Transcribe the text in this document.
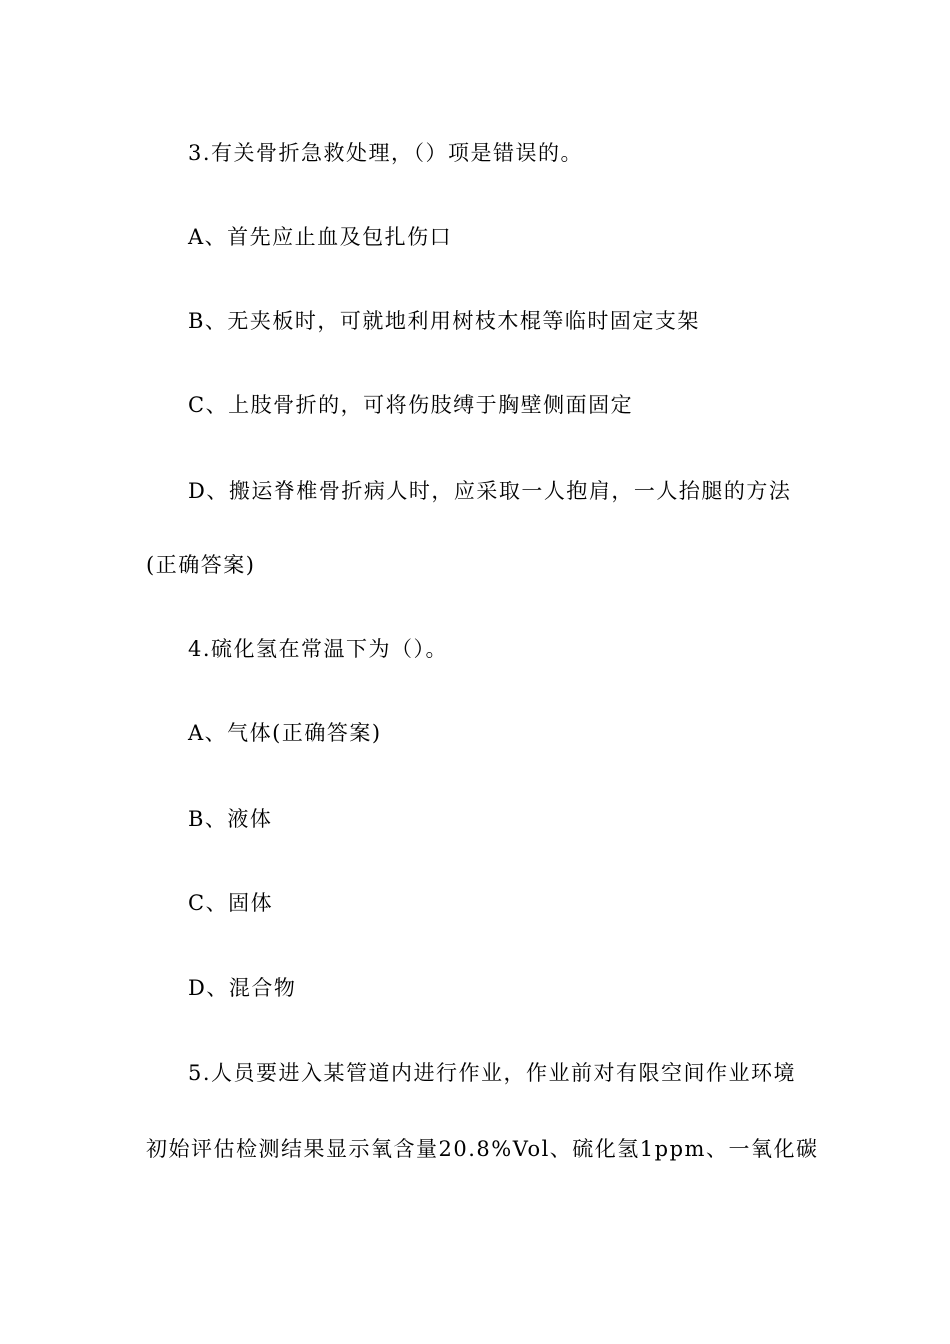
3.有关骨折急救处理，（）项是错误的。
A、首先应止血及包扎伤口
B、无夹板时，可就地利用树枝木棍等临时固定支架
C、上肢骨折的，可将伤肢缚于胸壁侧面固定
D、搬运脊椎骨折病人时，应采取一人抱肩，一人抬腿的方法
(正确答案)
4.硫化氢在常温下为（）。
A、气体(正确答案)
B、液体
C、固体
D、混合物
5.人员要进入某管道内进行作业，作业前对有限空间作业环境
初始评估检测结果显示氧含量20.8%Vol、硫化氢1ppm、一氧化碳
